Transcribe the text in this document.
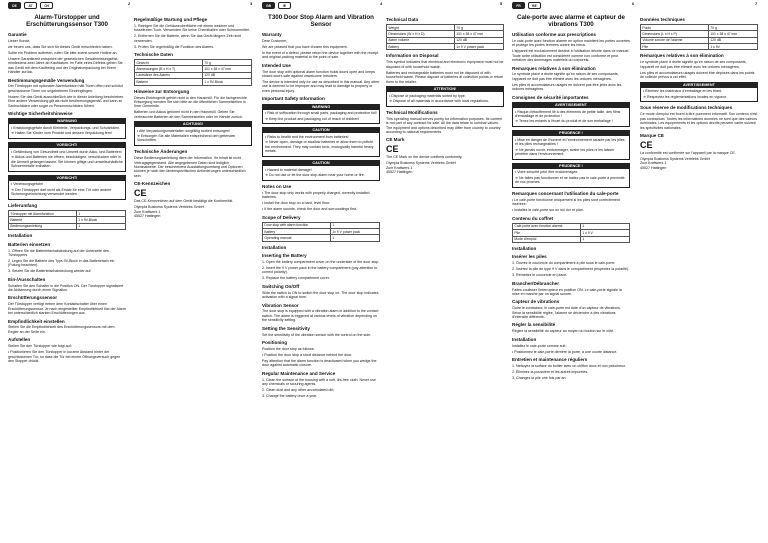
DE	AT	CH	2	3	GB	IE	4	5	FR	BE	6	7
Alarm-Türstopper und Erschütterungssensor T300
Garantie

Lieber Kunde,

wir freuen uns, dass Sie sich für dieses Gerät entschieden haben.

Sollte ein Problem auftreten, rufen Sie bitte zuerst unsere Hotline an.

Unsere Garantiezeit entspricht der gesetzlichen Gewährleistungsfrist, mindestens zwei Jahre ab Kaufdatum. Im Falle eines Defekts geben Sie das Gerät mit dem Kaufbeleg und der Originalverpackung bei Ihrem Händler zurück.

Bestimmungsgemäße Verwendung

Der Türstopper mit optionaler Alarmfunktion hält Türen offen und schützt geschlossene Türen vor ungebetenen Eindringlingen.

Nutzen Sie das Gerät ausschließlich wie in dieser Anleitung beschrieben. Eine andere Verwendung gilt als nicht bestimmungsgemäß und kann zu Sachschäden oder sogar zu Personenschäden führen.

Wichtige Sicherheitshinweise
WARNUNG

• Erstickungsgefahr durch Kleinteile, Verpackungs- und Schutzfolien.

➜ Halten Sie Kinder vom Produkt und dessen Verpackung fern!

VORSICHT!

• Gefährdung von Gesundheit und Umwelt durch Akku- und Batterien!

➜ Akkus und Batterien nie öffnen, beschädigen, verschlucken oder in die Umwelt gelangen lassen. Sie können giftige und umweltschädliche Schwermetalle enthalten.

VORSICHT!

• Verletzungsgefahr!

➜ Der Türstopper darf nicht als Ersatz für eine Tür oder andere Sicherungseinrichtung verwendet werden.

Lieferumfang
Türstopper mit Alarmfunktion	1
Batterie	1 x 9V-Block
Bedienungsanleitung	1
Installation
Batterien einsetzen

1. Öffnen Sie die Batteriefachabdeckung auf der Unterseite des Türstoppers.

2. Legen Sie die Batterie des Typs 9V-Block in das Batteriefach ein (Polung beachten).

3. Setzen Sie die Batteriefachabdeckung wieder auf.

Ein-/Ausschalten

Schalten Sie den Schalter in die Position ON. Der Türstopper signalisiert die Aktivierung durch einen Signalton.

Erschütterungssensor

Der Türstopper verfügt neben dem Kontaktschalter über einen Erschütterungssensor. Je nach eingestellter Empfindlichkeit löst der Alarm bei unterschiedlich starken Erschütterungen aus.

Empfindlichkeit einstellen

Stellen Sie die Empfindlichkeit des Erschütterungssensors mit dem Regler an der Seite ein.

Aufstellen

Stellen Sie den Türstopper wie folgt auf:

• Positionieren Sie den Türstopper in kurzem Abstand hinter der geschlossenen Tür, so dass die Tür bei einem Öffnungsversuch gegen den Stopper drückt.

Regelmäßige Wartung und Pflege

1. Reinigen Sie die Gehäuseoberfläche mit einem weichen und fusselfreien Tuch. Verwenden Sie keine Chemikalien oder Scheuermittel.

2. Entfernen Sie die Batterie, wenn Sie das Gerät längere Zeit nicht verwenden.

3. Prüfen Sie regelmäßig die Funktion des Alarms.

Technische Daten
Gewicht	70 g
Abmessungen (B x H x T)	101 x 38 x 47 mm
Lautstärke des Alarms	120 dB
Batterie	1 x 9V-Block
Hinweise zur Entsorgung

Dieses Elektrogerät gehört nicht in den Hausmüll. Für die fachgerechte Entsorgung wenden Sie sich bitte an die öffentlichen Sammelstellen in Ihrer Gemeinde.

Batterien und Akkus gehören nicht in den Hausmüll. Geben Sie verbrauchte Batterien an den Sammelstellen oder im Handel zurück.

ACHTUNG!

• Alle Verpackungsmaterialien sorgfältig sortiert entsorgen!

➜ Entsorgen Sie alle Materialien entsprechend den geltenden Vorschriften.

Technische Änderungen

Diese Bedienungsanleitung dient der Information. Ihr Inhalt ist nicht Vertragsgegenstand. Alle angegebenen Daten sind lediglich Nominalwerte. Der beschriebene Ausstattungsumfang und Optionen können je nach den länderspezifischen Anforderungen unterschiedlich sein.

CE-Kennzeichen
CE

Das CE-Kennzeichen auf dem Gerät bestätigt die Konformität.

Olympia Business Systems Vertriebs GmbH

Zum Kraftwerk 1

45527 Hattingen

T300 Door Stop Alarm and Vibration Sensor
Warranty

Dear Customer,

We are pleased that you have chosen this equipment.

In the event of a defect, please return the device together with the receipt and original packing material to the point of sale.

Intended Use

The door stop with optional alarm function holds doors open and keeps closed doors safe against unwelcome intruders.

The device is intended only for use as described in this manual. Any other use is deemed to be improper and may lead to damage to property or even personal injury.

Important Safety Information
WARNING

• Risk of suffocation through small parts, packaging and protective foil!

➜ Keep the product and packaging out of reach of children!

CAUTION

• Risks to health and the environment from batteries!

➜ Never open, damage or swallow batteries or allow them to pollute the environment. They may contain toxic, ecologically harmful heavy metals.

CAUTION

• Hazard to material damage!

➜ Do not use or let the door stop alarm near your home or fire.

Notes on Use

• The door stop only works with properly charged, correctly installed batteries.

• Install the door stop on a hard, level floor.

• If the alarm sounds, check the door and surroundings first.

Scope of Delivery
Door stop with alarm function	1
Battery	1x 9 V power pack
Operating manual	1
Installation
Inserting the Battery

1. Open the battery compartment cover on the underside of the door stop.

2. Insert the 9 V power pack in the battery compartment (pay attention to correct polarity).

3. Replace the battery compartment cover.

Switching On/Off

Slide the switch to ON to switch the door stop on. The door stop indicates activation with a signal tone.

Vibration Sensor

The door stop is equipped with a vibration alarm in addition to the contact switch. The alarm is triggered at various levels of vibration depending on the sensitivity setting.

Setting the Sensitivity

Set the sensitivity of the vibration sensor with the control on the side.

Positioning

Position the door stop as follows:

• Position the door stop a short distance behind the door.

Pay attention that the alarm function is deactivated when you wedge the door against automatic closure.

Regular Maintenance and Service

1. Clean the surface of the housing with a soft, lint-free cloth. Never use any chemicals or scouring agents.

2. Clean dust and any other accumulated dirt.

3. Change the battery once a year.

Technical Data
Weight	70 g
Dimensions (W x H x D)	101 x 38 x 47 mm
Alarm volume	120 dB
Battery	1x 9 V power pack
Information on Disposal

This symbol indicates that electrical and electronic equipment must not be disposed of with household waste.

Batteries and rechargeable batteries must not be disposed of with household waste. Please dispose of batteries at collection points or return them to the retailer.

ATTENTION!

• Dispose of packaging materials sorted by type.

➜ Dispose of all materials in accordance with local regulations.

Technical Modifications

This operating manual serves purely for information purposes. Its content is not part of any contract for sale. All the data relate to nominal values. The equipment and options described may differ from country to country according to national requirements.

CE Mark
CE

The CE Mark on the device confirms conformity.

Olympia Business Systems Vertriebs GmbH

Zum Kraftwerk 1

45527 Hattingen

Cale-porte avec alarme et capteur de vibrations T300
Utilisation conforme aux prescriptions

Le cale-porte avec fonction alarme en option maintient les portes ouvertes et protège les portes fermées contre les intrus.

L'appareil est exclusivement destiné à l'utilisation décrite dans ce manuel. Toute autre utilisation est considérée comme non conforme et peut entraîner des dommages matériels ou corporels.

Remarques relatives à son élimination

Le symbole placé à droite signifie qu'en raison de ses composants, l'appareil ne doit pas être éliminé avec les ordures ménagères.

Les piles et accumulateurs usagés ne doivent pas être jetés avec les ordures ménagères.

Consignes de sécurité importantes
AVERTISSEMENT

• Risque d'étouffement lié à des éléments de petite taille, des films d'emballage et de protection !

➜ Tenez les enfants à l'écart du produit et de son emballage !

PRUDENCE !

• Mise en danger de l'homme et l'environnement causée par les piles et les piles rechargeables !

➜ Ne jamais ouvrir, endommager, avaler les piles ni les laisser pénétrer dans l'environnement.

PRUDENCE !

• Votre sécurité peut être endommagée.

➜ Ne faites pas fonctionner et ne traitez pas le cale-porte à proximité de vos proches.

Remarques concernant l'utilisation du cale-porte

• Le cale-porte fonctionne uniquement si les piles sont correctement insérées.

• Installez le cale-porte sur un sol dur et plan.

Contenu du coffret
Cale-porte avec fonction alarme	1
Pile	1 x 9 V
Mode d'emploi	1
Installation
Insérer les piles

1. Ouvrez le couvercle du compartiment à pile sous le cale-porte.

2. Insérez la pile de type 9 V dans le compartiment (respectez la polarité).

3. Remettez le couvercle en place.

Brancher/Débrancher

Faites coulisser l'interrupteur en position ON. Le cale-porte signale la mise en marche par un signal sonore.

Capteur de vibrations

Outre le contacteur, le cale-porte est doté d'un capteur de vibrations. Selon la sensibilité réglée, l'alarme se déclenche à des vibrations d'intensité différente.

Régler la sensibilité

Réglez la sensibilité du capteur au moyen du bouton sur le côté.

Installation

Installez le cale-porte comme suit :

• Positionnez le cale-porte derrière la porte, à une courte distance.

Entretien et maintenance réguliers

1. Nettoyez la surface du boîtier avec un chiffon doux et non pelucheux.

2. Éliminez la poussière et les autres impuretés.

3. Changez la pile une fois par an.

Données techniques
Poids	70 g
Dimensions (L x H x P)	101 x 38 x 47 mm
Volume sonore de l'alarme	120 dB
Pile	1 x 9V
Remarques relatives à son élimination

Le symbole placé à droite signifie qu'en raison de ses composants, l'appareil ne doit pas être éliminé avec les ordures ménagères.

Les piles et accumulateurs usagés doivent être déposés dans les points de collecte prévus à cet effet.

AVERTISSEMENT

• Éliminez les matériaux d'emballage en les triant.

➜ Respectez les réglementations locales en vigueur.

Sous réserve de modifications techniques

Ce mode d'emploi est fourni à titre purement informatif. Son contenu n'est pas contractuel. Toutes les informations données ne sont que des valeurs nominales. Les équipements et les options décrits peuvent varier suivant les spécificités nationales.

Marque CE
CE

La conformité est confirmée sur l'appareil par la marque CE.

Olympia Business Systems Vertriebs GmbH

Zum Kraftwerk 1

45527 Hattingen
